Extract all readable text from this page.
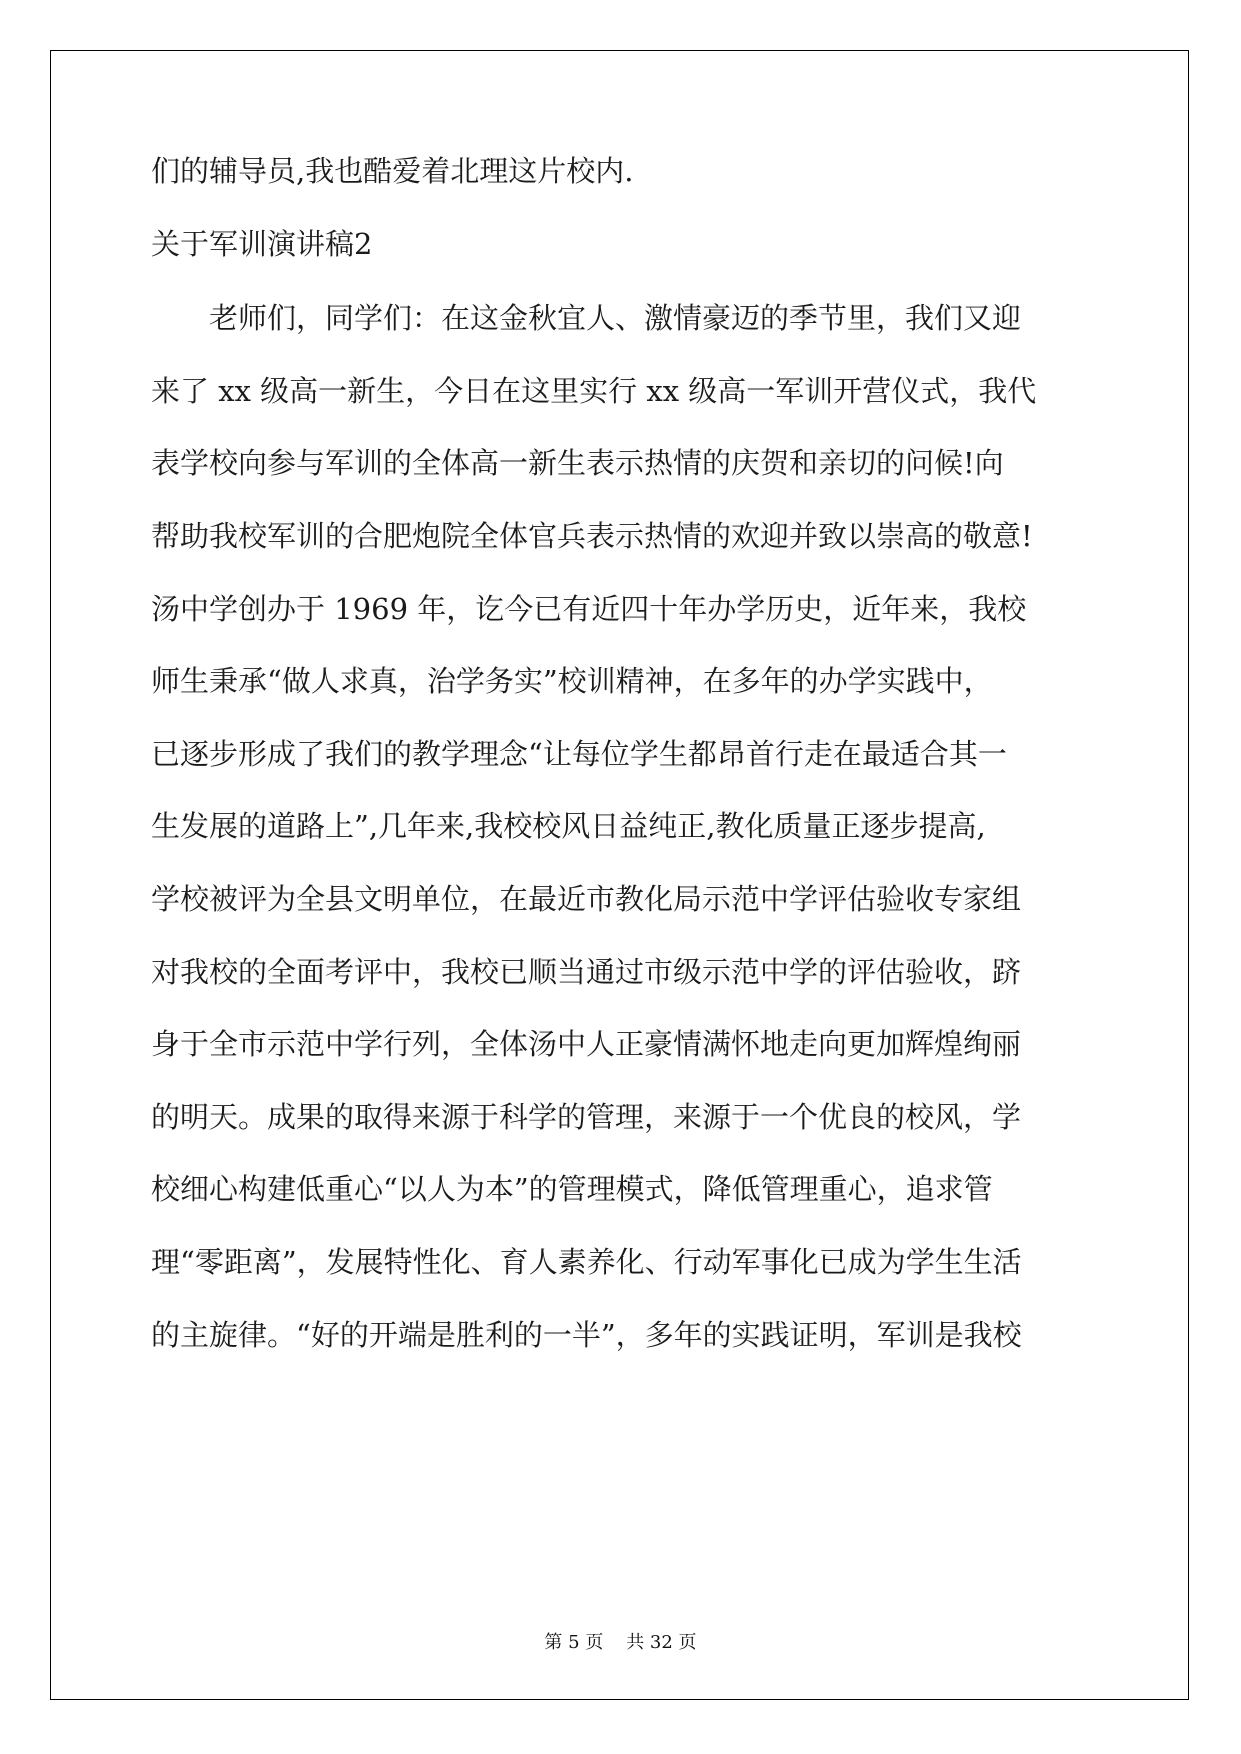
们的辅导员,我也酷爱着北理这片校内.
关于军训演讲稿2
　　老师们，同学们：在这金秋宜人、激情豪迈的季节里，我们又迎
来了 xx 级高一新生，今日在这里实行 xx 级高一军训开营仪式，我代
表学校向参与军训的全体高一新生表示热情的庆贺和亲切的问候!向
帮助我校军训的合肥炮院全体官兵表示热情的欢迎并致以崇高的敬意!
汤中学创办于 1969 年，讫今已有近四十年办学历史，近年来，我校
师生秉承“做人求真，治学务实”校训精神，在多年的办学实践中，
已逐步形成了我们的教学理念“让每位学生都昂首行走在最适合其一
生发展的道路上”,几年来,我校校风日益纯正,教化质量正逐步提高,
学校被评为全县文明单位，在最近市教化局示范中学评估验收专家组
对我校的全面考评中，我校已顺当通过市级示范中学的评估验收，跻
身于全市示范中学行列，全体汤中人正豪情满怀地走向更加辉煌绚丽
的明天。成果的取得来源于科学的管理，来源于一个优良的校风，学
校细心构建低重心“以人为本”的管理模式，降低管理重心，追求管
理“零距离”，发展特性化、育人素养化、行动军事化已成为学生生活
的主旋律。“好的开端是胜利的一半”，多年的实践证明，军训是我校
第 5 页    共 32 页
